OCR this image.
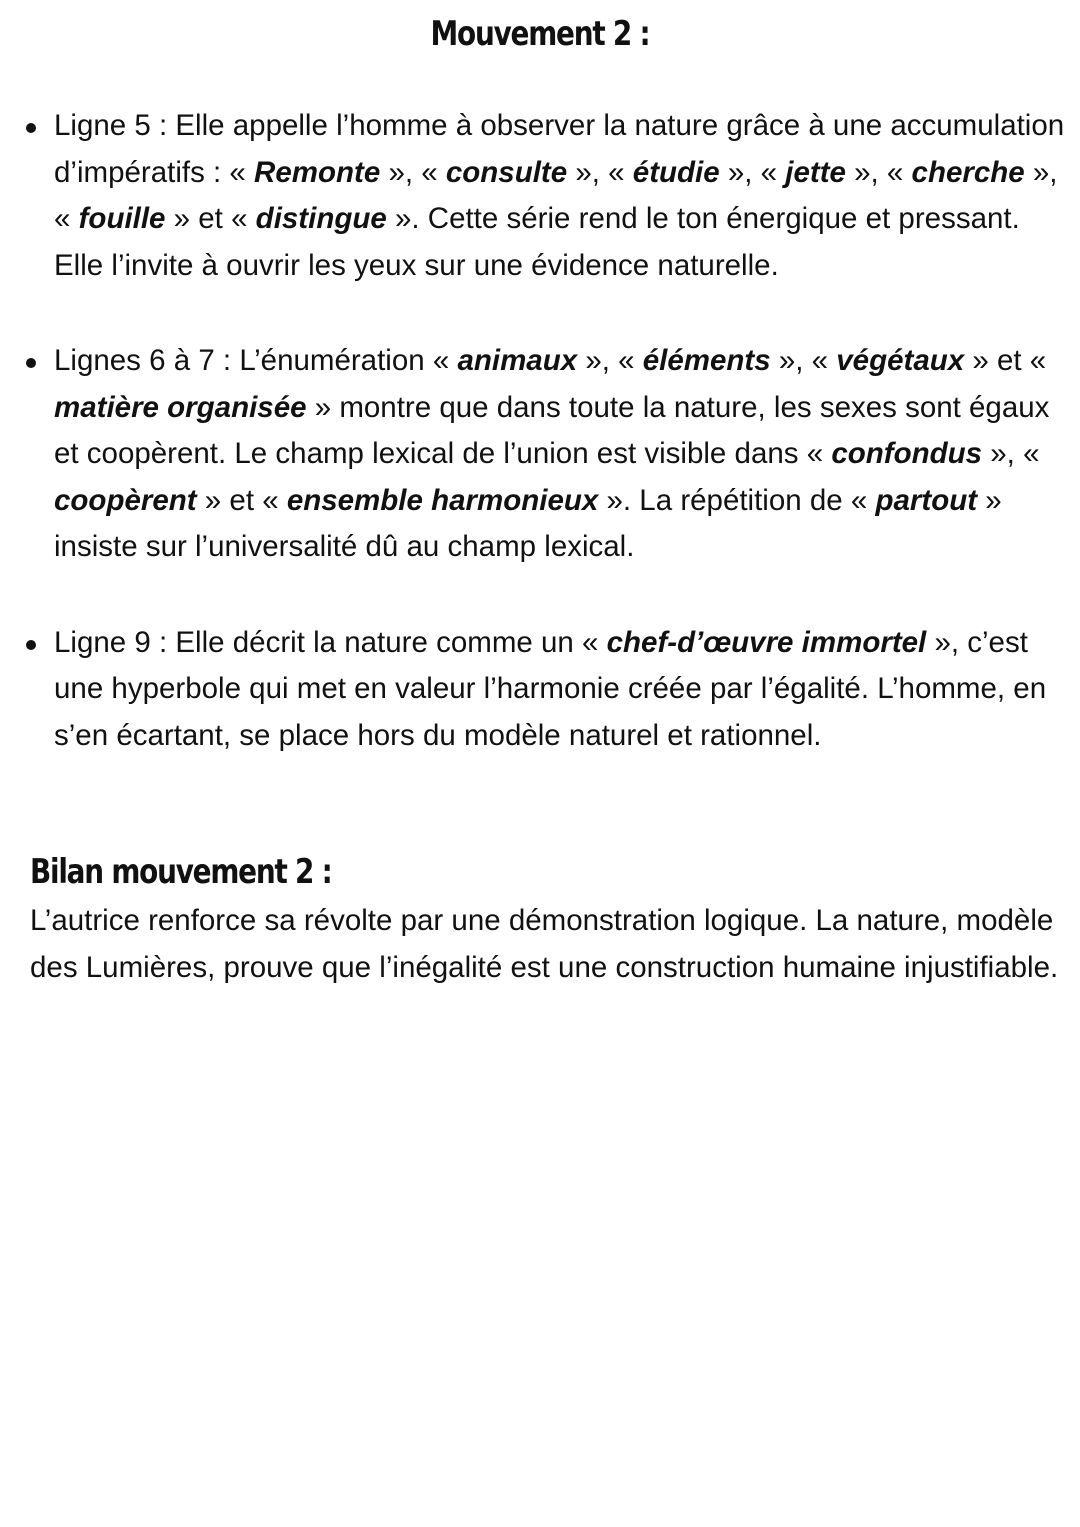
Mouvement 2 :
Ligne 5 : Elle appelle l’homme à observer la nature grâce à une accumulation d’impératifs : « Remonte », « consulte », « étudie », « jette », « cherche », « fouille » et « distingue ». Cette série rend le ton énergique et pressant. Elle l’invite à ouvrir les yeux sur une évidence naturelle.
Lignes 6 à 7 : L’énumération « animaux », « éléments », « végétaux » et « matière organisée » montre que dans toute la nature, les sexes sont égaux et coopèrent. Le champ lexical de l’union est visible dans « confondus », « coopèrent » et « ensemble harmonieux ». La répétition de « partout » insiste sur l’universalité dû au champ lexical.
Ligne 9 : Elle décrit la nature comme un « chef-d’œuvre immortel », c’est une hyperbole qui met en valeur l’harmonie créée par l’égalité. L’homme, en s’en écartant, se place hors du modèle naturel et rationnel.
Bilan mouvement 2 :

L’autrice renforce sa révolte par une démonstration logique. La nature, modèle des Lumières, prouve que l’inégalité est une construction humaine injustifiable.
